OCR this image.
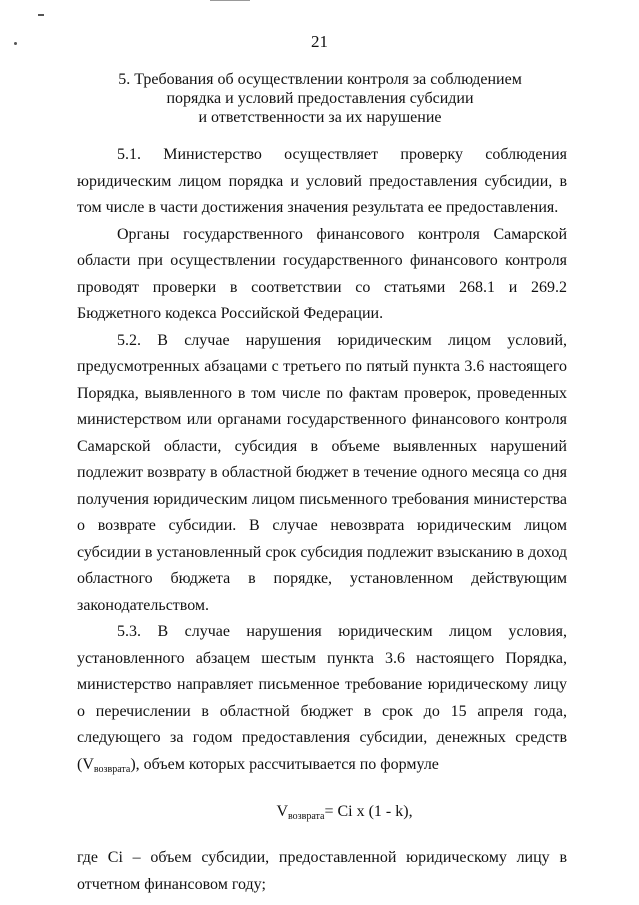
21
5. Требования об осуществлении контроля за соблюдением
порядка и условий предоставления субсидии
и ответственности за их нарушение

5.1. Министерство осуществляет проверку соблюдения юридическим лицом порядка и условий предоставления субсидии, в том числе в части достижения значения результата ее предоставления.

Органы государственного финансового контроля Самарской области при осуществлении государственного финансового контроля проводят проверки в соответствии со статьями 268.1 и 269.2 Бюджетного кодекса Российской Федерации.

5.2. В случае нарушения юридическим лицом условий, предусмотренных абзацами с третьего по пятый пункта 3.6 настоящего Порядка, выявленного в том числе по фактам проверок, проведенных министерством или органами государственного финансового контроля Самарской области, субсидия в объеме выявленных нарушений подлежит возврату в областной бюджет в течение одного месяца со дня получения юридическим лицом письменного требования министерства о возврате субсидии. В случае невозврата юридическим лицом субсидии в установленный срок субсидия подлежит взысканию в доход областного бюджета в порядке, установленном действующим законодательством.

5.3. В случае нарушения юридическим лицом условия, установленного абзацем шестым пункта 3.6 настоящего Порядка, министерство направляет письменное требование юридическому лицу о перечислении в областной бюджет в срок до 15 апреля года, следующего за годом предоставления субсидии, денежных средств (Vвозврата), объем которых рассчитывается по формуле

$V_{возврата}= Ci$ x (1 - k),

где Ci – объем субсидии, предоставленной юридическому лицу в отчетном финансовом году;
